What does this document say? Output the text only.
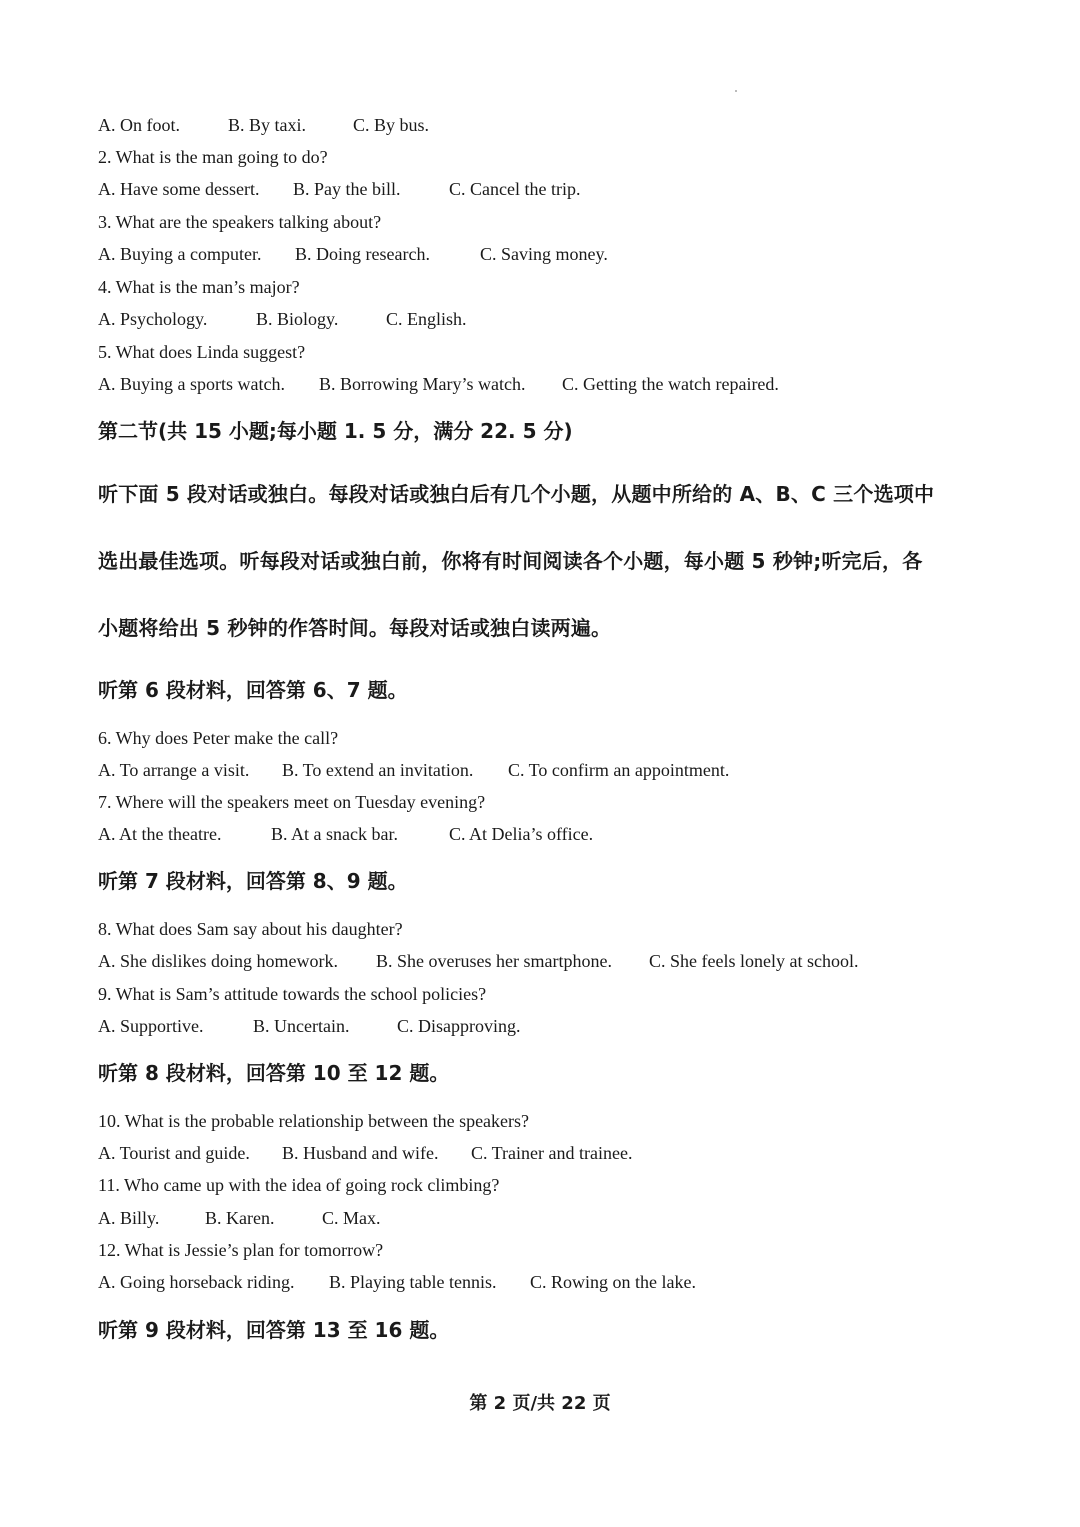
A. On foot.	B. By taxi.	C. By bus.
2. What is the man going to do?
A. Have some dessert. B. Pay the bill.	C. Cancel the trip.
3. What are the speakers talking about?
A. Buying a computer. B. Doing research.	C. Saving money.
4. What is the man’s major?
A. Psychology.	B. Biology.	C. English.
5. What does Linda suggest?
A. Buying a sports watch. B. Borrowing Mary’s watch. C. Getting the watch repaired.
第二节(共 15 小题;每小题 1. 5 分，满分 22. 5 分)
听下面 5 段对话或独白。每段对话或独白后有几个小题，从题中所给的 A、B、C 三个选项中
选出最佳选项。听每段对话或独白前，你将有时间阅读各个小题，每小题 5 秒钟;听完后，各
小题将给出 5 秒钟的作答时间。每段对话或独白读两遍。
听第 6 段材料，回答第 6、7 题。
6. Why does Peter make the call?
A. To arrange a visit. B. To extend an invitation. C. To confirm an appointment.
7. Where will the speakers meet on Tuesday evening?
A. At the theatre.	B. At a snack bar.	C. At Delia’s office.
听第 7 段材料，回答第 8、9 题。
8. What does Sam say about his daughter?
A. She dislikes doing homework. B. She overuses her smartphone. C. She feels lonely at school.
9. What is Sam’s attitude towards the school policies?
A. Supportive.	B. Uncertain.	C. Disapproving.
听第 8 段材料，回答第 10 至 12 题。
10. What is the probable relationship between the speakers?
A. Tourist and guide. B. Husband and wife. C. Trainer and trainee.
11. Who came up with the idea of going rock climbing?
A. Billy.	B. Karen.	C. Max.
12. What is Jessie’s plan for tomorrow?
A. Going horseback riding. B. Playing table tennis. C. Rowing on the lake.
听第 9 段材料，回答第 13 至 16 题。
第 2 页/共 22 页
